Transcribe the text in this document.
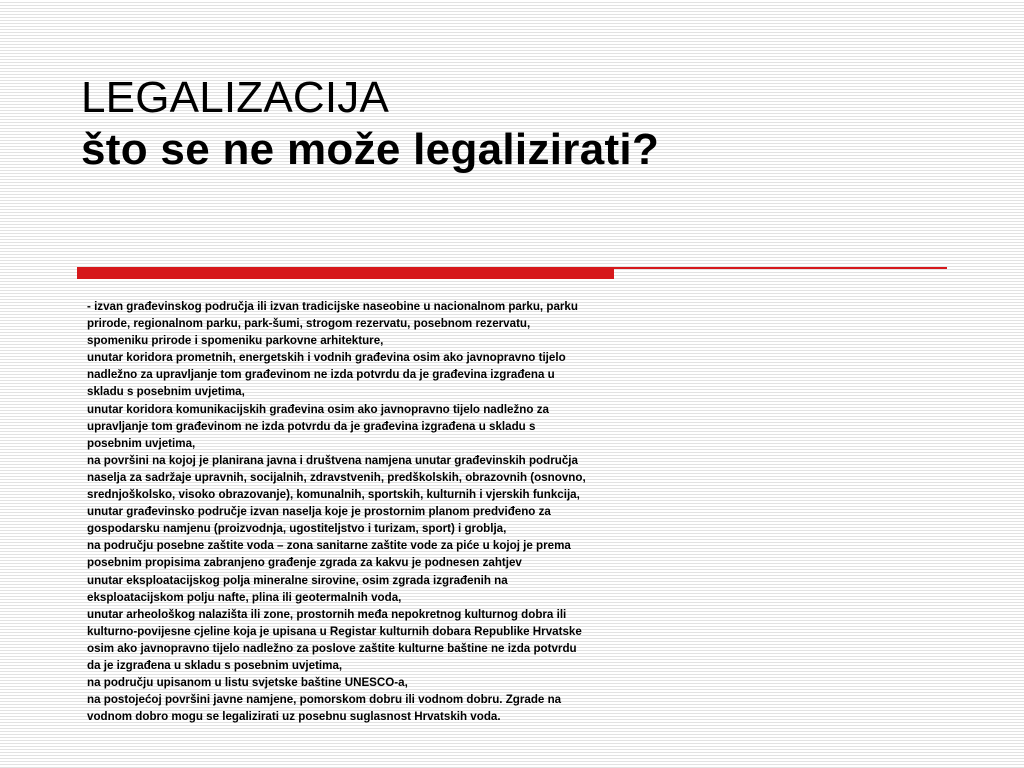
LEGALIZACIJA
što se ne može legalizirati?
- izvan građevinskog područja ili izvan tradicijske naseobine u nacionalnom parku, parku
prirode, regionalnom parku, park-šumi, strogom rezervatu, posebnom rezervatu,
spomeniku prirode i spomeniku parkovne arhitekture,
unutar koridora prometnih, energetskih i vodnih građevina osim ako javnopravno tijelo
nadležno za upravljanje tom građevinom ne izda potvrdu da je građevina izgrađena u
skladu s posebnim uvjetima,
unutar koridora komunikacijskih građevina osim ako javnopravno tijelo nadležno za
upravljanje tom građevinom ne izda potvrdu da je građevina izgrađena u skladu s
posebnim uvjetima,
na površini na kojoj je planirana javna i društvena namjena unutar građevinskih područja
naselja za sadržaje upravnih, socijalnih, zdravstvenih, predškolskih, obrazovnih (osnovno,
srednjoškolsko, visoko obrazovanje), komunalnih, sportskih, kulturnih i vjerskih funkcija,
unutar građevinsko područje izvan naselja koje je prostornim planom predviđeno za
gospodarsku namjenu (proizvodnja, ugostiteljstvo i turizam, sport) i groblja,
na području posebne zaštite voda – zona sanitarne zaštite vode za piće u kojoj je prema
posebnim propisima zabranjeno građenje zgrada za kakvu je podnesen zahtjev
unutar eksploatacijskog polja mineralne sirovine, osim zgrada izgrađenih na
eksploatacijskom polju nafte, plina ili geotermalnih voda,
unutar arheološkog nalazišta ili zone, prostornih međa nepokretnog kulturnog dobra ili
kulturno-povijesne cjeline koja je upisana u Registar kulturnih dobara Republike Hrvatske
osim ako javnopravno tijelo nadležno za poslove zaštite kulturne baštine ne izda potvrdu
da je izgrađena u skladu s posebnim uvjetima,
na području upisanom u listu svjetske baštine UNESCO-a,
na postojećoj površini javne namjene, pomorskom dobru ili vodnom dobru. Zgrade na
vodnom dobro mogu se legalizirati uz posebnu suglasnost Hrvatskih voda.
